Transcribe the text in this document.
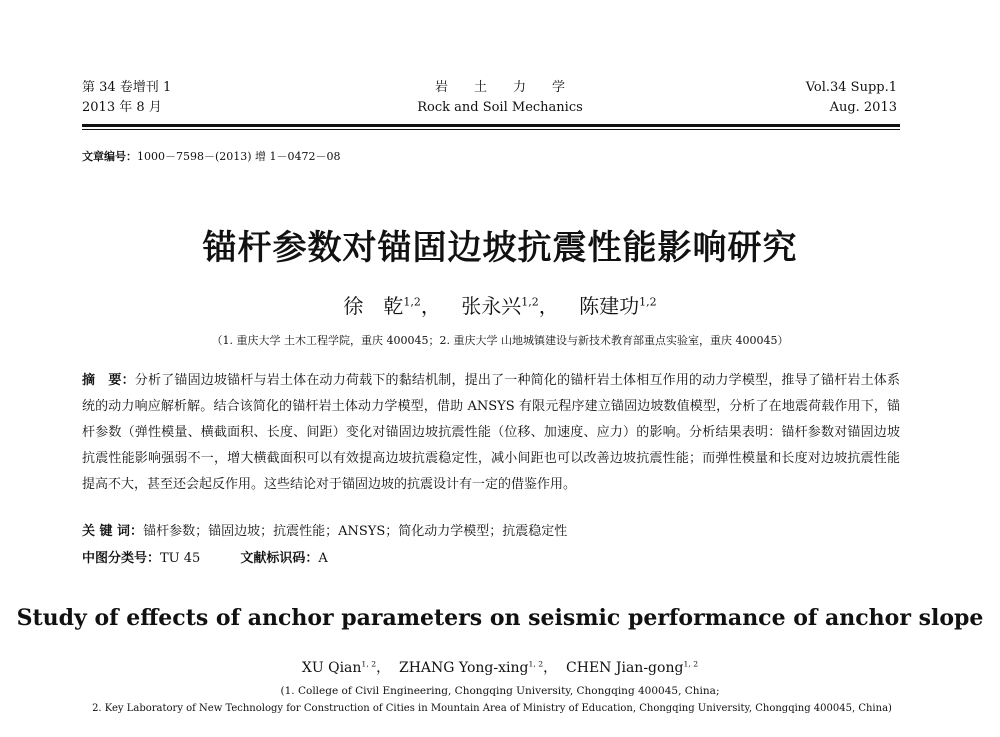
第 34 卷增刊 1
2013 年 8 月
岩土力学
Rock and Soil Mechanics
Vol.34 Supp.1
Aug. 2013
文章编号：1000－7598－(2013) 增 1－0472－08
锚杆参数对锚固边坡抗震性能影响研究
徐　乾$^{1,2}$， 张永兴$^{1,2}$， 陈建功$^{1,2}$
（1. 重庆大学 土木工程学院，重庆 400045；2. 重庆大学 山地城镇建设与新技术教育部重点实验室，重庆 400045）
摘　要：分析了锚固边坡锚杆与岩土体在动力荷载下的黏结机制，提出了一种简化的锚杆岩土体相互作用的动力学模型，推导了锚杆岩土体系统的动力响应解析解。结合该简化的锚杆岩土体动力学模型，借助 ANSYS 有限元程序建立锚固边坡数值模型，分析了在地震荷载作用下，锚杆参数（弹性模量、横截面积、长度、间距）变化对锚固边坡抗震性能（位移、加速度、应力）的影响。分析结果表明：锚杆参数对锚固边坡抗震性能影响强弱不一，增大横截面积可以有效提高边坡抗震稳定性，减小间距也可以改善边坡抗震性能；而弹性模量和长度对边坡抗震性能提高不大，甚至还会起反作用。这些结论对于锚固边坡的抗震设计有一定的借鉴作用。
关 键 词：锚杆参数；锚固边坡；抗震性能；ANSYS；简化动力学模型；抗震稳定性
中图分类号：TU 45	文献标识码：A
Study of effects of anchor parameters on seismic performance of anchor slope
XU Qian$^{1, 2}$，  ZHANG Yong-xing$^{1, 2}$，  CHEN Jian-gong$^{1, 2}$
(1. College of Civil Engineering, Chongqing University, Chongqing 400045, China;
2. Key Laboratory of New Technology for Construction of Cities in Mountain Area of Ministry of Education, Chongqing University, Chongqing 400045, China)
